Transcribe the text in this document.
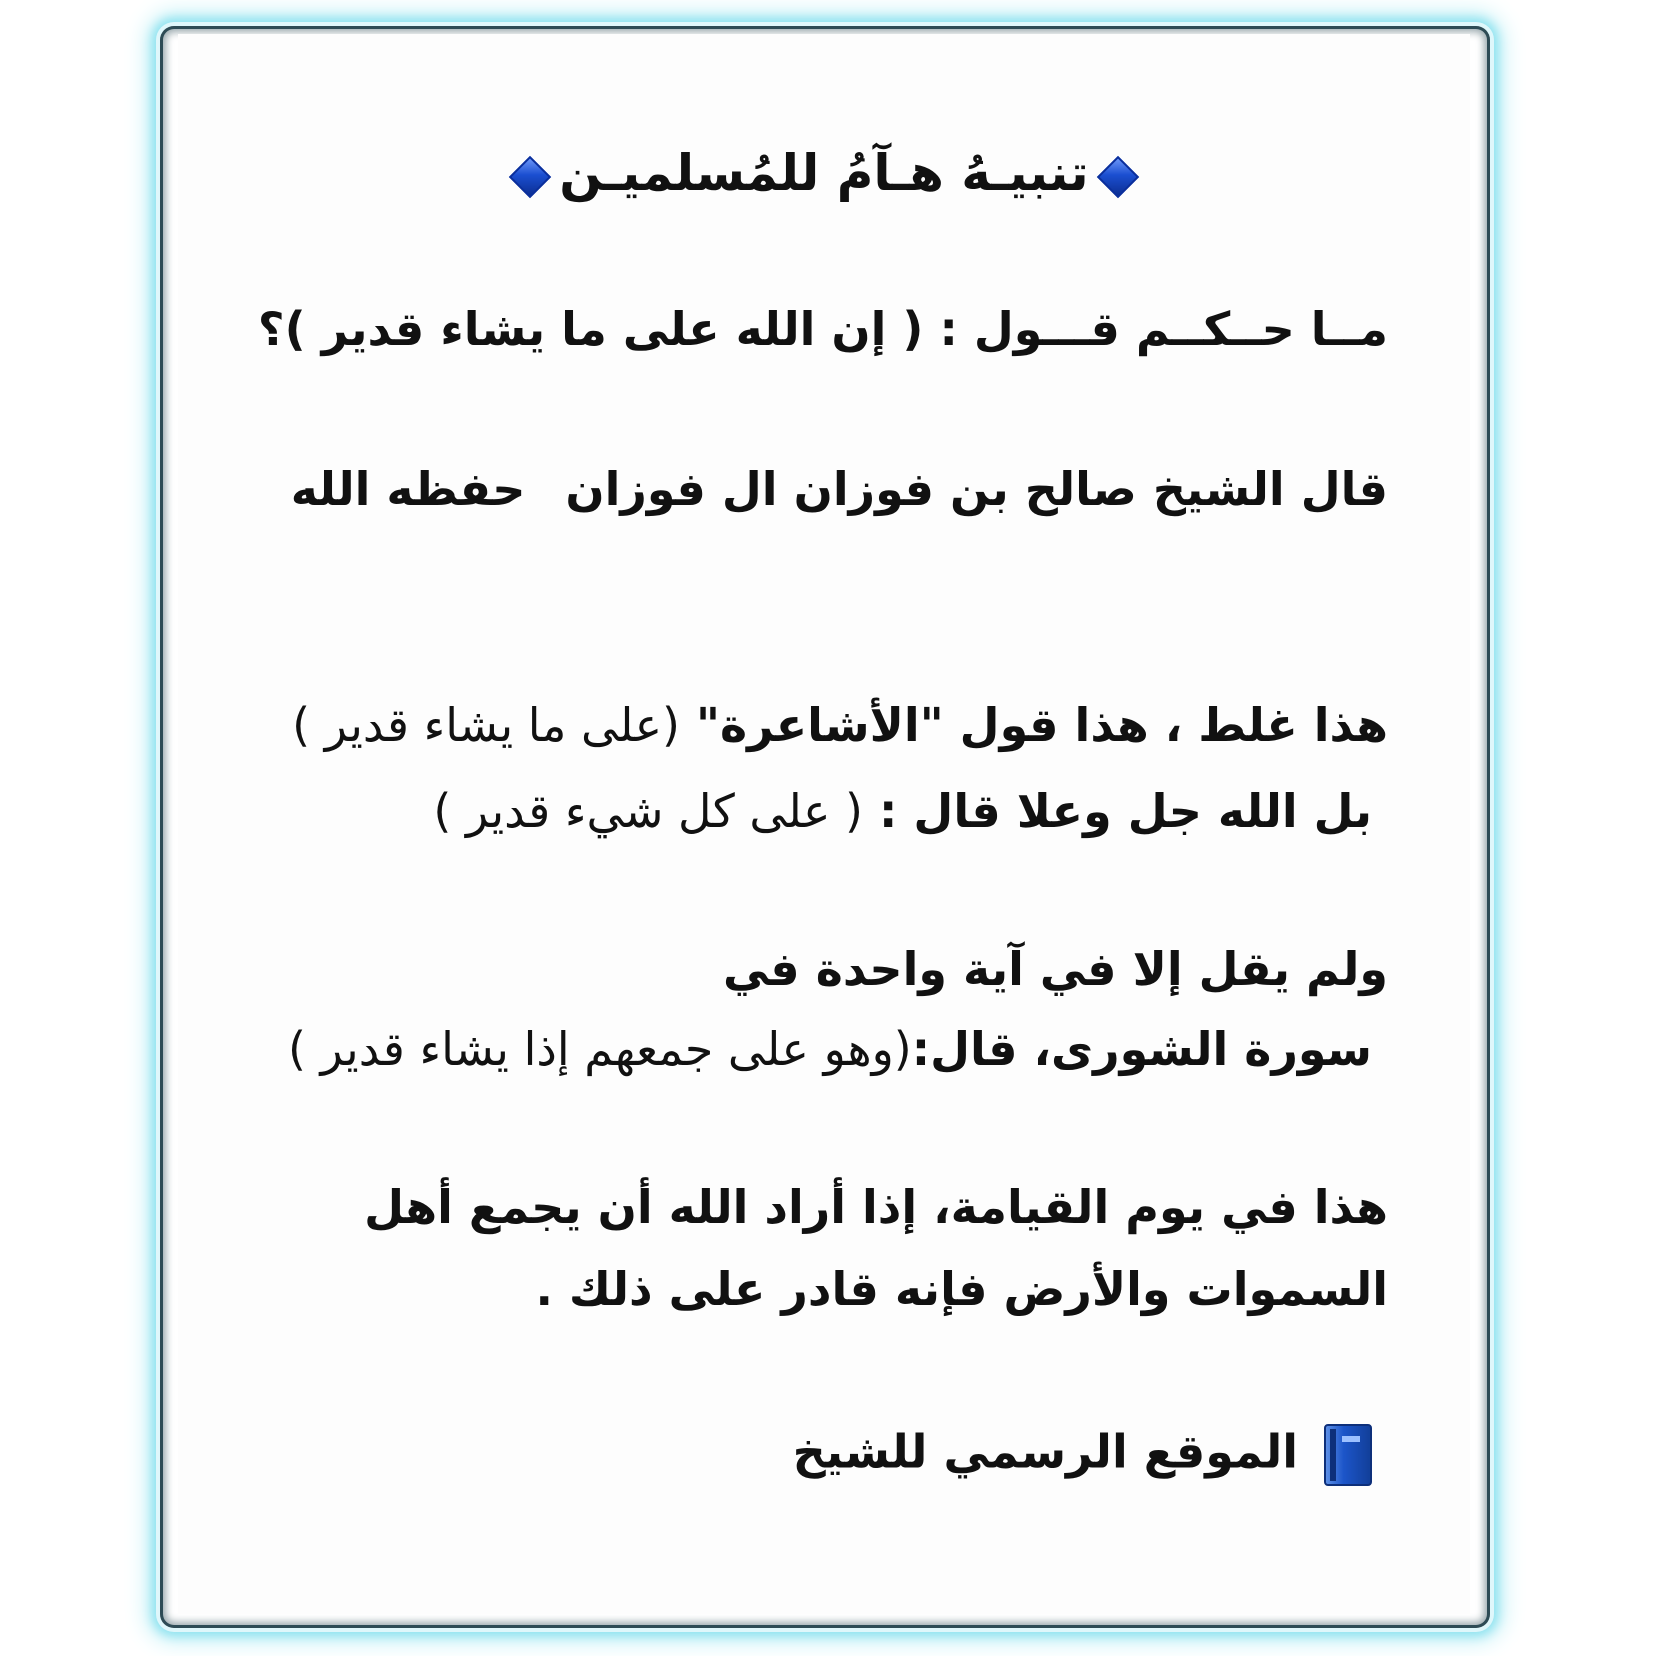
تنبيـهُ هـآمُ للمُسلميـن
مــا حــكــم قـــول : ( إن الله على ما يشاء قدير )؟
قال الشيخ صالح بن فوزان ال فوزانحفظه الله
هذا غلط ، هذا قول "الأشاعرة" (على ما يشاء قدير )
بل الله جل وعلا قال : ( على كل شيء قدير )
ولم يقل إلا في آية واحدة في
سورة الشورى، قال:(وهو على جمعهم إذا يشاء قدير )
هذا في يوم القيامة، إذا أراد الله أن يجمع أهل
السموات والأرض فإنه قادر على ذلك .
الموقع الرسمي للشيخ
